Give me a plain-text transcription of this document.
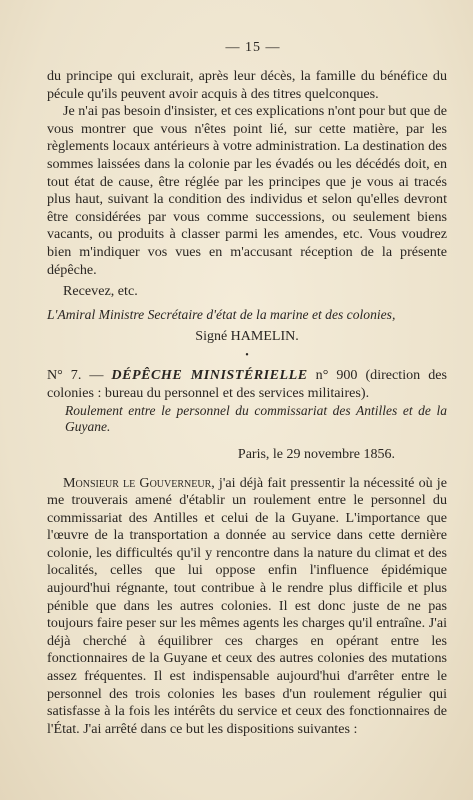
— 15 —

du principe qui exclurait, après leur décès, la famille du bénéfice du pécule qu'ils peuvent avoir acquis à des titres quelconques.

Je n'ai pas besoin d'insister, et ces explications n'ont pour but que de vous montrer que vous n'êtes point lié, sur cette matière, par les règlements locaux antérieurs à votre administration. La destination des sommes laissées dans la colonie par les évadés ou les décédés doit, en tout état de cause, être réglée par les principes que je vous ai tracés plus haut, suivant la condition des individus et selon qu'elles devront être considérées par vous comme successions, ou seulement biens vacants, ou produits à classer parmi les amendes, etc. Vous voudrez bien m'indiquer vos vues en m'accusant réception de la présente dépêche.

Recevez, etc.

L'Amiral Ministre Secrétaire d'état de la marine et des colonies,

Signé HAMELIN.
•

N° 7. — DÉPÊCHE MINISTÉRIELLE n° 900 (direction des colonies : bureau du personnel et des services militaires).

Roulement entre le personnel du commissariat des Antilles et de la Guyane.

Paris, le 29 novembre 1856.

Monsieur le Gouverneur, j'ai déjà fait pressentir la nécessité où je me trouverais amené d'établir un roulement entre le personnel du commissariat des Antilles et celui de la Guyane. L'importance que l'œuvre de la transportation a donnée au service dans cette dernière colonie, les difficultés qu'il y rencontre dans la nature du climat et des localités, celles que lui oppose enfin l'influence épidémique aujourd'hui régnante, tout contribue à le rendre plus difficile et plus pénible que dans les autres colonies. Il est donc juste de ne pas toujours faire peser sur les mêmes agents les charges qu'il entraîne. J'ai déjà cherché à équilibrer ces charges en opérant entre les fonctionnaires de la Guyane et ceux des autres colonies des mutations assez fréquentes. Il est indispensable aujourd'hui d'arrêter entre le personnel des trois colonies les bases d'un roulement régulier qui satisfasse à la fois les intérêts du service et ceux des fonctionnaires de l'État. J'ai arrêté dans ce but les dispositions suivantes :
